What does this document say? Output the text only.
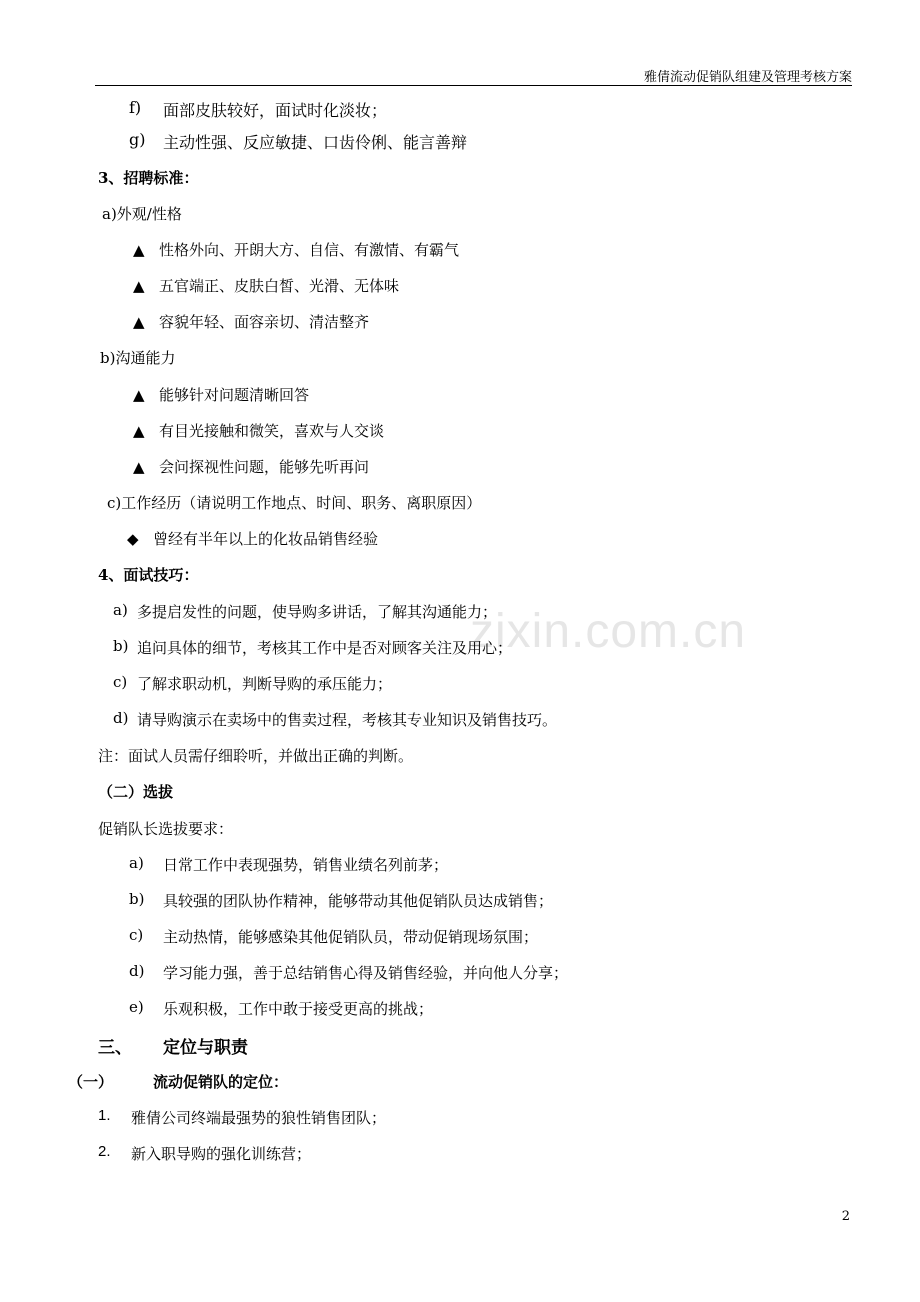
雅倩流动促销队组建及管理考核方案
zixin.com.cn
f) 面部皮肤较好，面试时化淡妆；
g) 主动性强、反应敏捷、口齿伶俐、能言善辩
3、招聘标准：
a)外观/性格
▲ 性格外向、开朗大方、自信、有激情、有霸气
▲ 五官端正、皮肤白皙、光滑、无体味
▲ 容貌年轻、面容亲切、清洁整齐
b)沟通能力
▲ 能够针对问题清晰回答
▲ 有目光接触和微笑，喜欢与人交谈
▲ 会问探视性问题，能够先听再问
c)工作经历（请说明工作地点、时间、职务、离职原因）
◆ 曾经有半年以上的化妆品销售经验
4、面试技巧：
a) 多提启发性的问题，使导购多讲话，了解其沟通能力；
b) 追问具体的细节，考核其工作中是否对顾客关注及用心；
c) 了解求职动机，判断导购的承压能力；
d) 请导购演示在卖场中的售卖过程，考核其专业知识及销售技巧。
注：面试人员需仔细聆听，并做出正确的判断。
（二）选拔
促销队长选拔要求：
a) 日常工作中表现强势，销售业绩名列前茅；
b) 具较强的团队协作精神，能够带动其他促销队员达成销售；
c) 主动热情，能够感染其他促销队员，带动促销现场氛围；
d) 学习能力强，善于总结销售心得及销售经验，并向他人分享；
e) 乐观积极，工作中敢于接受更高的挑战；
三、 定位与职责
（一）	流动促销队的定位：
1. 雅倩公司终端最强势的狼性销售团队；
2. 新入职导购的强化训练营；
2
